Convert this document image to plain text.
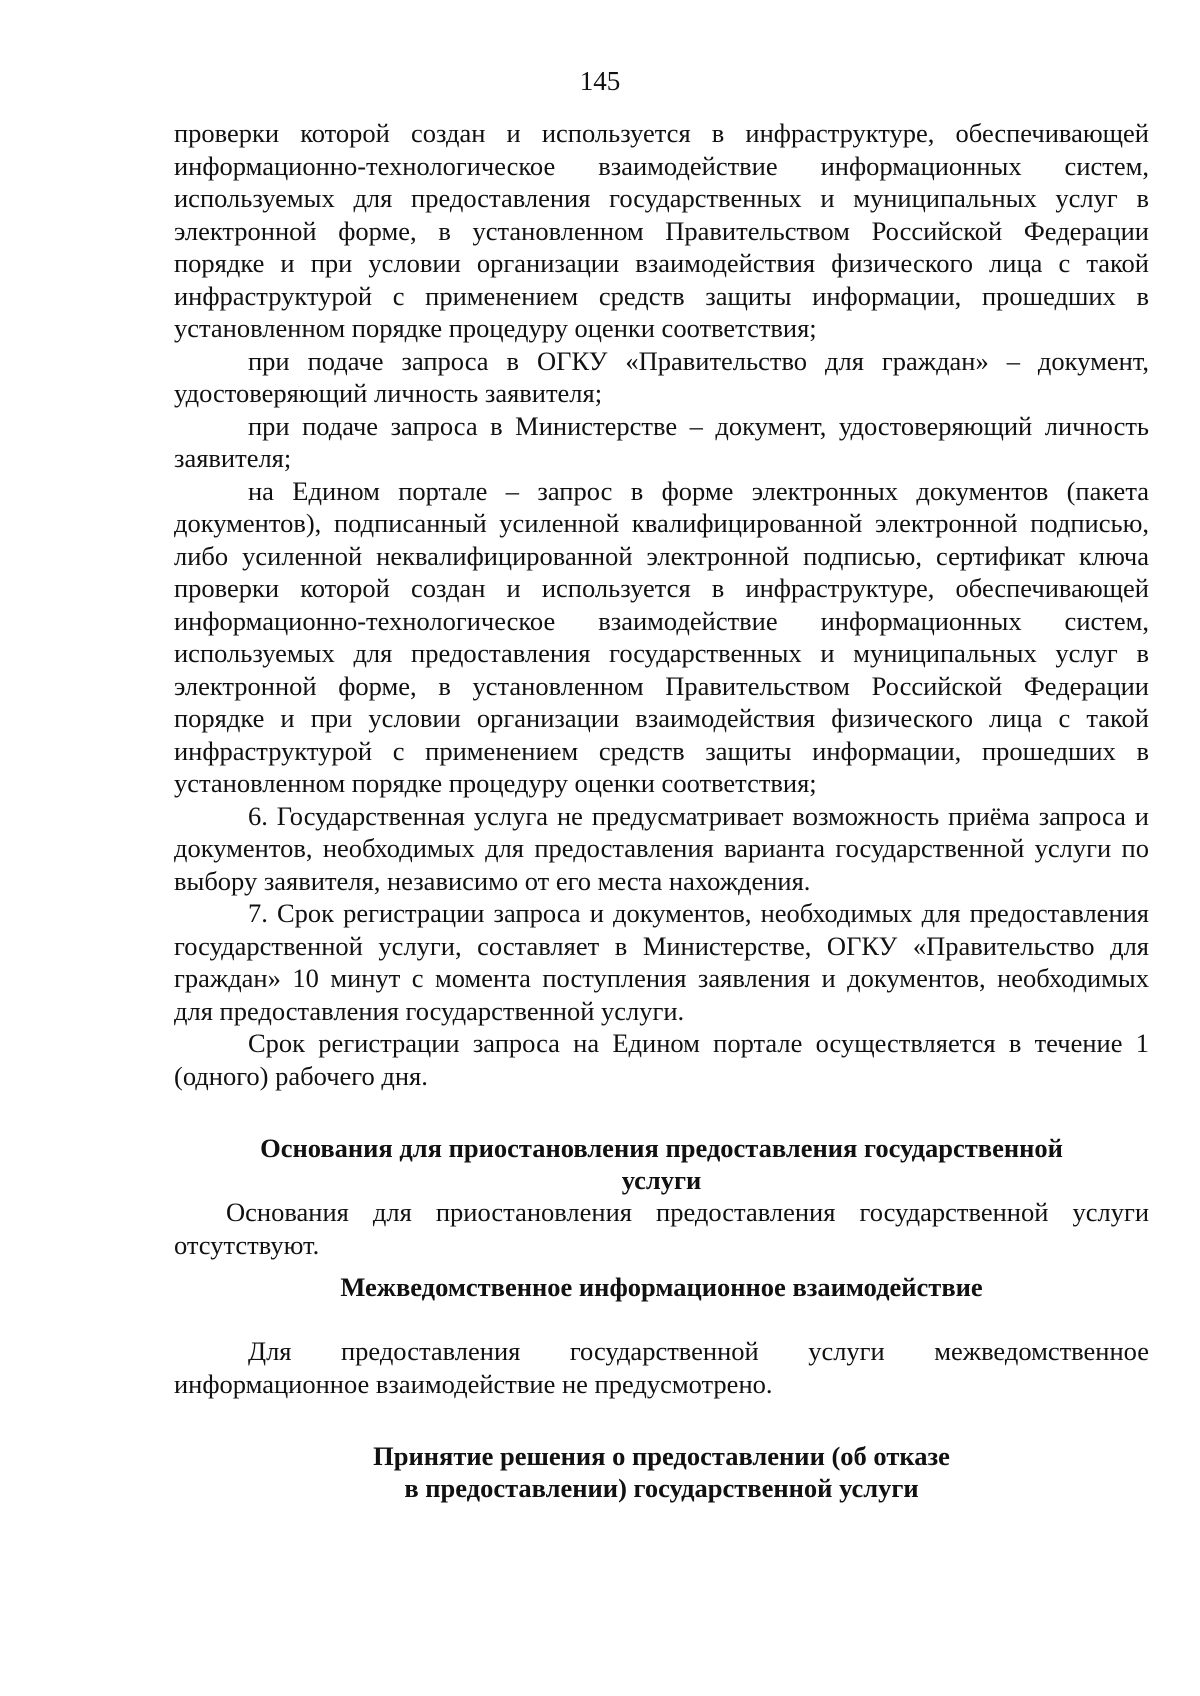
145

проверки которой создан и используется в инфраструктуре, обеспечивающей информационно-технологическое взаимодействие информационных систем, используемых для предоставления государственных и муниципальных услуг в электронной форме, в установленном Правительством Российской Федерации порядке и при условии организации взаимодействия физического лица с такой инфраструктурой с применением средств защиты информации, прошедших в установленном порядке процедуру оценки соответствия;

при подаче запроса в ОГКУ «Правительство для граждан» – документ, удостоверяющий личность заявителя;

при подаче запроса в Министерстве – документ, удостоверяющий личность заявителя;

на Едином портале – запрос в форме электронных документов (пакета документов), подписанный усиленной квалифицированной электронной подписью, либо усиленной неквалифицированной электронной подписью, сертификат ключа проверки которой создан и используется в инфраструктуре, обеспечивающей информационно-технологическое взаимодействие информационных систем, используемых для предоставления государственных и муниципальных услуг в электронной форме, в установленном Правительством Российской Федерации порядке и при условии организации взаимодействия физического лица с такой инфраструктурой с применением средств защиты информации, прошедших в установленном порядке процедуру оценки соответствия;

6. Государственная услуга не предусматривает возможность приёма запроса и документов, необходимых для предоставления варианта государственной услуги по выбору заявителя, независимо от его места нахождения.

7. Срок регистрации запроса и документов, необходимых для предоставления государственной услуги, составляет в Министерстве, ОГКУ «Правительство для граждан» 10 минут с момента поступления заявления и документов, необходимых для предоставления государственной услуги.

Срок регистрации запроса на Едином портале осуществляется в течение 1 (одного) рабочего дня.

Основания для приостановления предоставления государственной

услуги

Основания для приостановления предоставления государственной услуги отсутствуют.

Межведомственное информационное взаимодействие

Для предоставления государственной услуги межведомственное информационное взаимодействие не предусмотрено.

Принятие решения о предоставлении (об отказе

в предоставлении) государственной услуги
